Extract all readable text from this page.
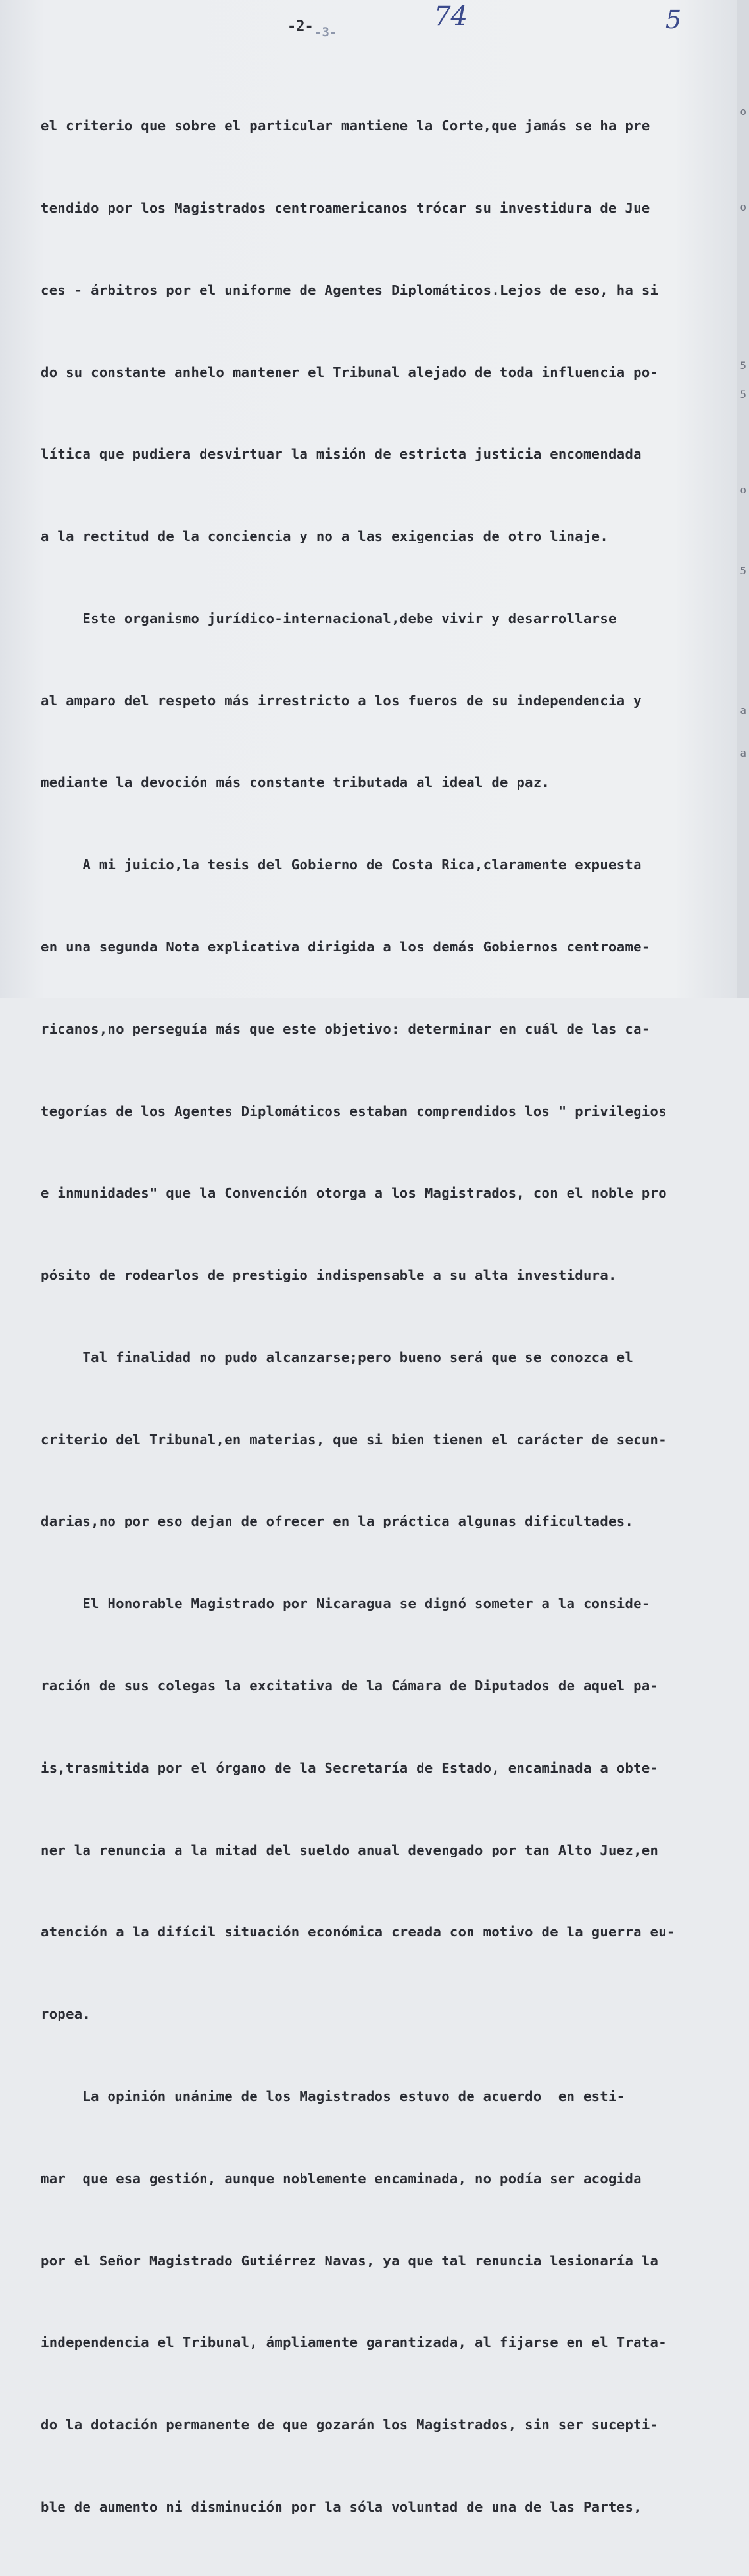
-2- -3-
74	5

el criterio que sobre el particular mantiene la Corte,que jamás se ha pre

tendido por los Magistrados centroamericanos trócar su investidura de Jue

ces - árbitros por el uniforme de Agentes Diplomáticos.Lejos de eso, ha si

do su constante anhelo mantener el Tribunal alejado de toda influencia po-

lítica que pudiera desvirtuar la misión de estricta justicia encomendada

a la rectitud de la conciencia y no a las exigencias de otro linaje.

Este organismo jurídico-internacional,debe vivir y desarrollarse

al amparo del respeto más irrestricto a los fueros de su independencia y

mediante la devoción más constante tributada al ideal de paz.

A mi juicio,la tesis del Gobierno de Costa Rica,claramente expuesta

en una segunda Nota explicativa dirigida a los demás Gobiernos centroame-

ricanos,no perseguía más que este objetivo: determinar en cuál de las ca-

tegorías de los Agentes Diplomáticos estaban comprendidos los " privilegios

e inmunidades" que la Convención otorga a los Magistrados, con el noble pro

pósito de rodearlos de prestigio indispensable a su alta investidura.

Tal finalidad no pudo alcanzarse;pero bueno será que se conozca el

criterio del Tribunal,en materias, que si bien tienen el carácter de secun-

darias,no por eso dejan de ofrecer en la práctica algunas dificultades.

El Honorable Magistrado por Nicaragua se dignó someter a la conside-

ración de sus colegas la excitativa de la Cámara de Diputados de aquel pa-

is,trasmitida por el órgano de la Secretaría de Estado, encaminada a obte-

ner la renuncia a la mitad del sueldo anual devengado por tan Alto Juez,en

atención a la difícil situación económica creada con motivo de la guerra eu-

ropea.

La opinión unánime de los Magistrados estuvo de acuerdo  en esti-

mar  que esa gestión, aunque noblemente encaminada, no podía ser acogida

por el Señor Magistrado Gutiérrez Navas, ya que tal renuncia lesionaría la

independencia el Tribunal, ámpliamente garantizada, al fijarse en el Trata-

do la dotación permanente de que gozarán los Magistrados, sin ser sucepti-

ble de aumento ni disminución por la sóla voluntad de una de las Partes,

o
o
5
5
o
5
a
a
